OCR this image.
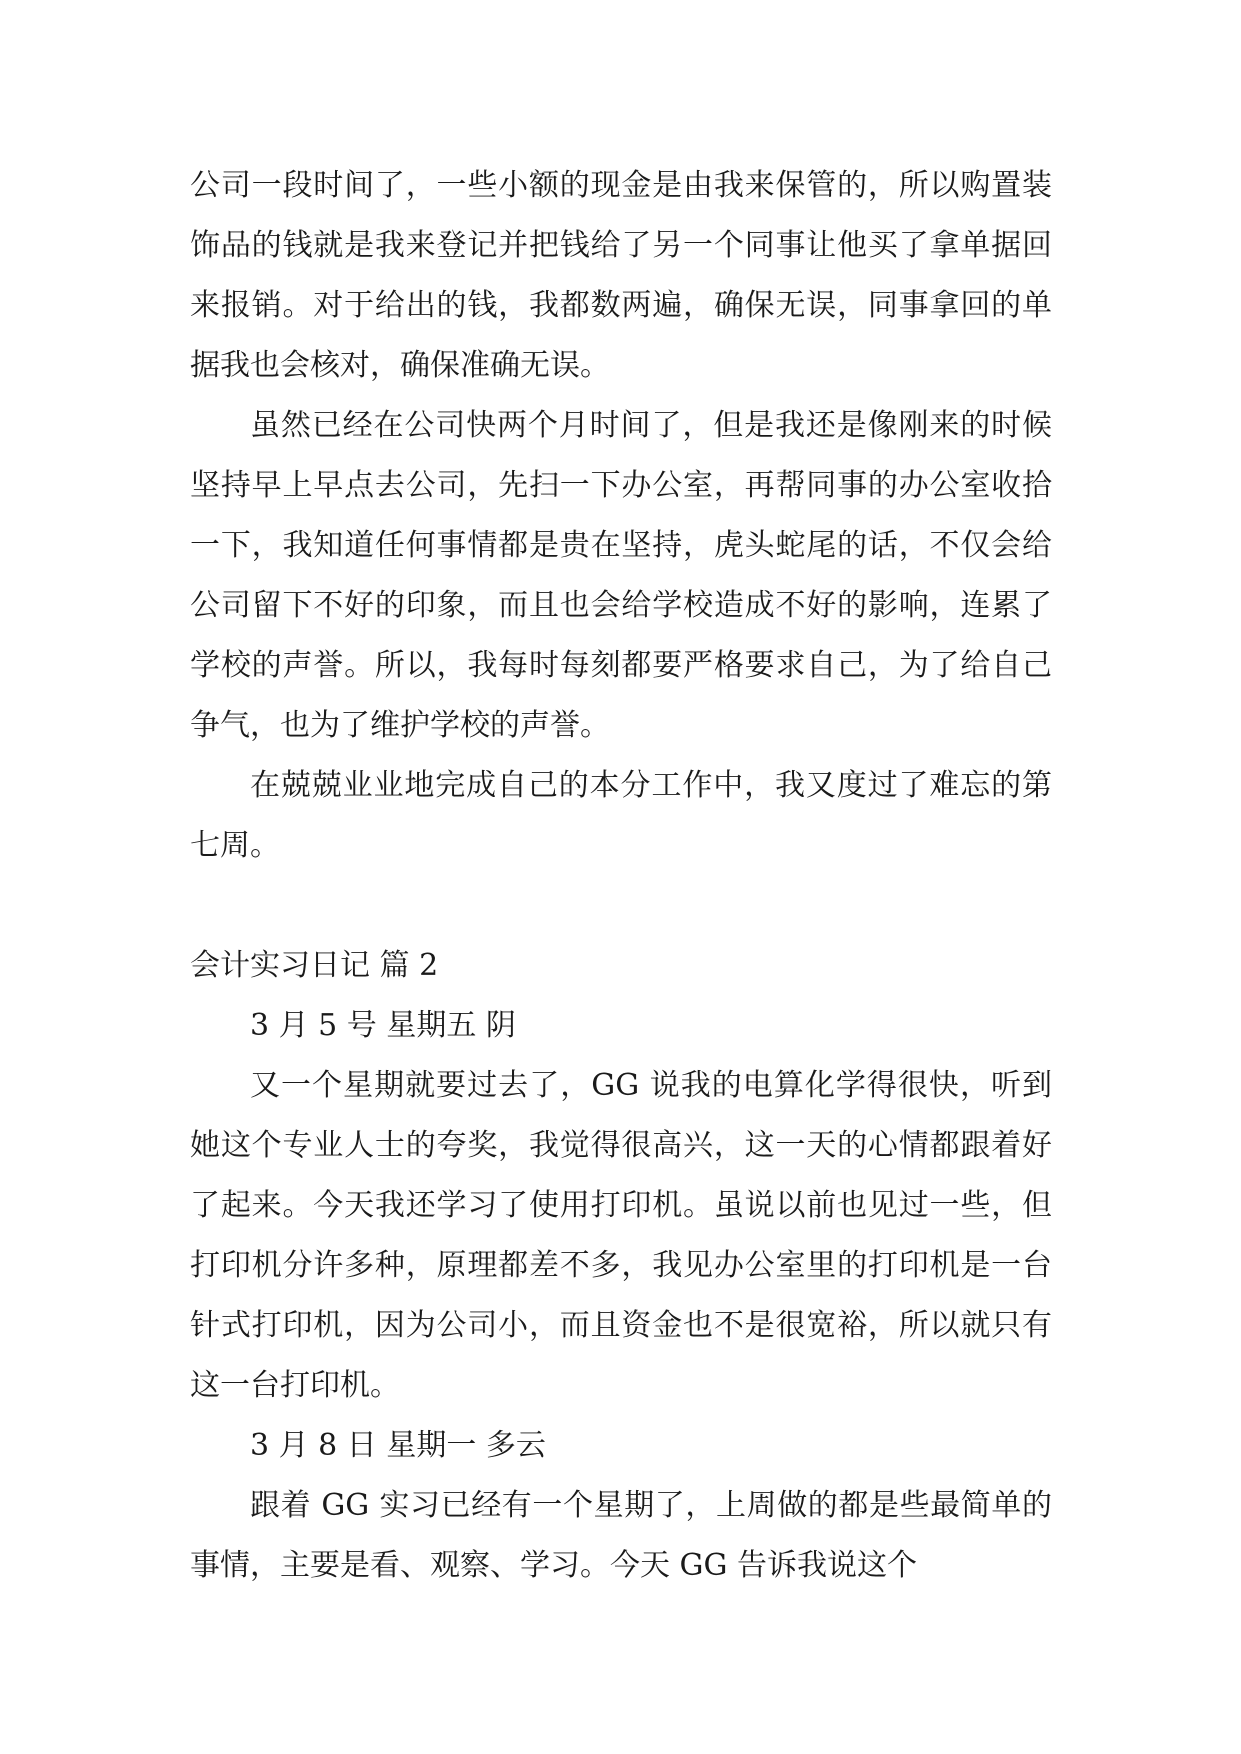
公司一段时间了，一些小额的现金是由我来保管的，所以购置装饰品的钱就是我来登记并把钱给了另一个同事让他买了拿单据回来报销。对于给出的钱，我都数两遍，确保无误，同事拿回的单据我也会核对，确保准确无误。

虽然已经在公司快两个月时间了，但是我还是像刚来的时候坚持早上早点去公司，先扫一下办公室，再帮同事的办公室收拾一下，我知道任何事情都是贵在坚持，虎头蛇尾的话，不仅会给公司留下不好的印象，而且也会给学校造成不好的影响，连累了学校的声誉。所以，我每时每刻都要严格要求自己，为了给自己争气，也为了维护学校的声誉。

在兢兢业业地完成自己的本分工作中，我又度过了难忘的第七周。

会计实习日记 篇 2

3 月 5 号 星期五 阴

又一个星期就要过去了，GG 说我的电算化学得很快，听到她这个专业人士的夸奖，我觉得很高兴，这一天的心情都跟着好了起来。今天我还学习了使用打印机。虽说以前也见过一些，但打印机分许多种，原理都差不多，我见办公室里的打印机是一台针式打印机，因为公司小，而且资金也不是很宽裕，所以就只有这一台打印机。

3 月 8 日 星期一 多云

跟着 GG 实习已经有一个星期了，上周做的都是些最简单的事情，主要是看、观察、学习。今天 GG 告诉我说这个
